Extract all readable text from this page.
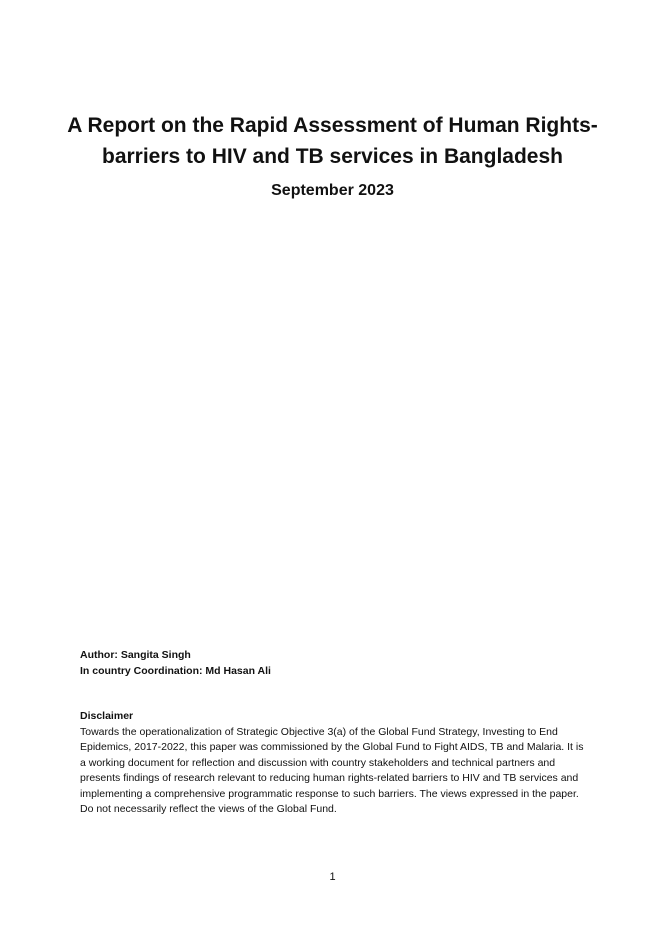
A Report on the Rapid Assessment of Human Rights-barriers to HIV and TB services in Bangladesh
September 2023
Author: Sangita Singh
In country Coordination: Md Hasan Ali
Disclaimer

Towards the operationalization of Strategic Objective 3(a) of the Global Fund Strategy, Investing to End Epidemics, 2017-2022, this paper was commissioned by the Global Fund to Fight AIDS, TB and Malaria. It is a working document for reflection and discussion with country stakeholders and technical partners and presents findings of research relevant to reducing human rights-related barriers to HIV and TB services and implementing a comprehensive programmatic response to such barriers. The views expressed in the paper. Do not necessarily reflect the views of the Global Fund.

1
